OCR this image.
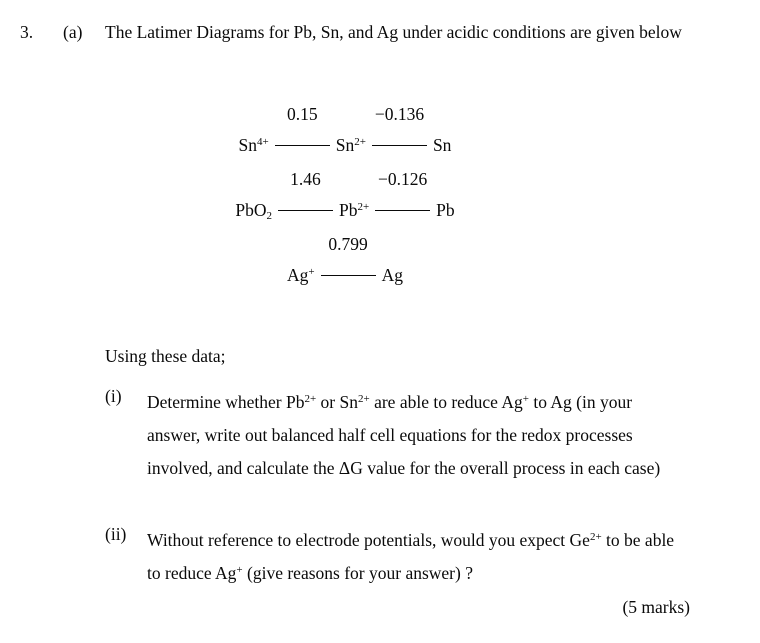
3. (a) The Latimer Diagrams for Pb, Sn, and Ag under acidic conditions are given below
$Sn^{4+}$
0.15
$Sn^{2+}$
−0.136
Sn
PbO$_2$
1.46
$Pb^{2+}$
−0.126
Pb
Ag+
0.799
Ag
Using these data;
(i) Determine whether $Pb^{2+}$ or $Sn^{2+}$ are able to reduce Ag+ to Ag (in your
answer, write out balanced half cell equations for the redox processes
involved, and calculate the ΔG value for the overall process in each case)
(ii) Without reference to electrode potentials, would you expect $Ge^{2+}$ to be able
to reduce Ag+ (give reasons for your answer) ?
(5 marks)
